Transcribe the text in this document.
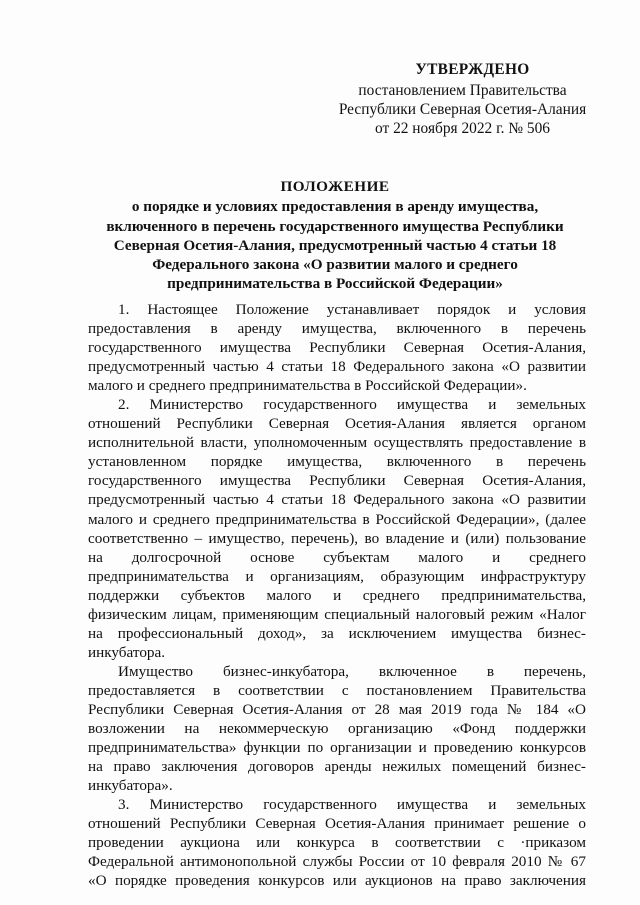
УТВЕРЖДЕНО
постановлением Правительства
Республики Северная Осетия-Алания
от 22 ноября 2022 г. № 506
ПОЛОЖЕНИЕ
о порядке и условиях предоставления в аренду имущества,
включенного в перечень государственного имущества Республики
Северная Осетия-Алания, предусмотренный частью 4 статьи 18
Федерального закона «О развитии малого и среднего
предпринимательства в Российской Федерации»
1. Настоящее Положение устанавливает порядок и условия
предоставления в аренду имущества, включенного в перечень
государственного имущества Республики Северная Осетия-Алания,
предусмотренный частью 4 статьи 18 Федерального закона «О развитии
малого и среднего предпринимательства в Российской Федерации».
2. Министерство государственного имущества и земельных
отношений Республики Северная Осетия-Алания является органом
исполнительной власти, уполномоченным осуществлять предоставление в
установленном порядке имущества, включенного в перечень
государственного имущества Республики Северная Осетия-Алания,
предусмотренный частью 4 статьи 18 Федерального закона «О развитии
малого и среднего предпринимательства в Российской Федерации», (далее
соответственно – имущество, перечень), во владение и (или) пользование
на долгосрочной основе субъектам малого и среднего
предпринимательства и организациям, образующим инфраструктуру
поддержки субъектов малого и среднего предпринимательства,
физическим лицам, применяющим специальный налоговый режим «Налог
на профессиональный доход», за исключением имущества бизнес-
инкубатора.
Имущество бизнес-инкубатора, включенное в перечень,
предоставляется в соответствии с постановлением Правительства
Республики Северная Осетия-Алания от 28 мая 2019 года № 184 «О
возложении на некоммерческую организацию «Фонд поддержки
предпринимательства» функции по организации и проведению конкурсов
на право заключения договоров аренды нежилых помещений бизнес-
инкубатора».
3. Министерство государственного имущества и земельных
отношений Республики Северная Осетия-Алания принимает решение о
проведении аукциона или конкурса в соответствии с ·приказом
Федеральной антимонопольной службы России от 10 февраля 2010 № 67
«О порядке проведения конкурсов или аукционов на право заключения
